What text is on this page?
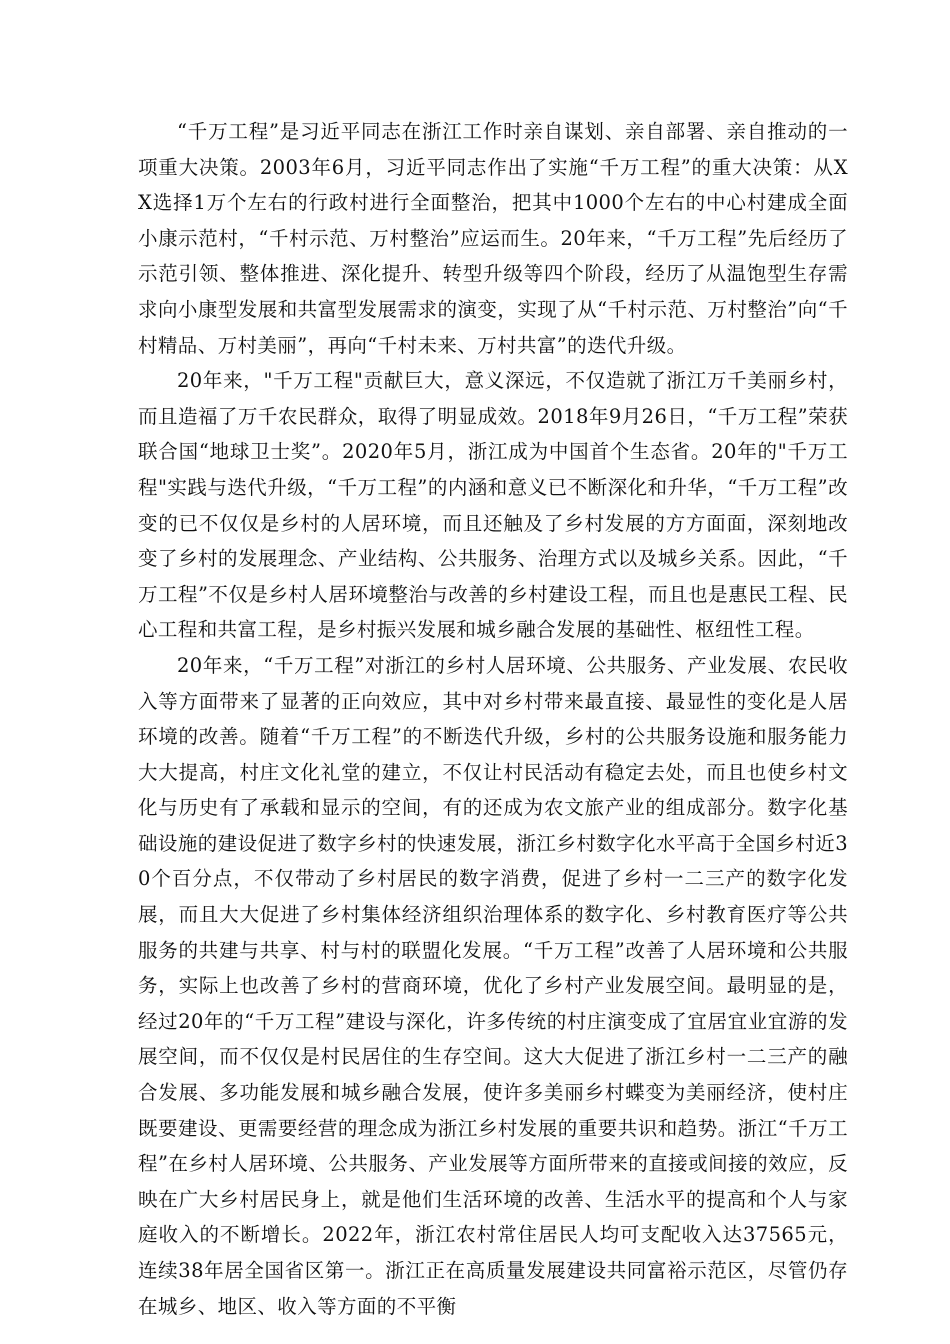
“千万工程”是习近平同志在浙江工作时亲自谋划、亲自部署、亲自推动的一项重大决策。2003年6月，习近平同志作出了实施“千万工程”的重大决策：从XX选择1万个左右的行政村进行全面整治，把其中1000个左右的中心村建成全面小康示范村，“千村示范、万村整治”应运而生。20年来，“千万工程”先后经历了示范引领、整体推进、深化提升、转型升级等四个阶段，经历了从温饱型生存需求向小康型发展和共富型发展需求的演变，实现了从“千村示范、万村整治”向“千村精品、万村美丽”，再向“千村未来、万村共富”的迭代升级。

20年来，"千万工程"贡献巨大，意义深远，不仅造就了浙江万千美丽乡村，而且造福了万千农民群众，取得了明显成效。2018年9月26日，“千万工程”荣获联合国“地球卫士奖”。2020年5月，浙江成为中国首个生态省。20年的"千万工程"实践与迭代升级，“千万工程”的内涵和意义已不断深化和升华，“千万工程”改变的已不仅仅是乡村的人居环境，而且还触及了乡村发展的方方面面，深刻地改变了乡村的发展理念、产业结构、公共服务、治理方式以及城乡关系。因此，“千万工程”不仅是乡村人居环境整治与改善的乡村建设工程，而且也是惠民工程、民心工程和共富工程，是乡村振兴发展和城乡融合发展的基础性、枢纽性工程。

20年来，“千万工程”对浙江的乡村人居环境、公共服务、产业发展、农民收入等方面带来了显著的正向效应，其中对乡村带来最直接、最显性的变化是人居环境的改善。随着“千万工程”的不断迭代升级，乡村的公共服务设施和服务能力大大提高，村庄文化礼堂的建立，不仅让村民活动有稳定去处，而且也使乡村文化与历史有了承载和显示的空间，有的还成为农文旅产业的组成部分。数字化基础设施的建设促进了数字乡村的快速发展，浙江乡村数字化水平高于全国乡村近30个百分点，不仅带动了乡村居民的数字消费，促进了乡村一二三产的数字化发展，而且大大促进了乡村集体经济组织治理体系的数字化、乡村教育医疗等公共服务的共建与共享、村与村的联盟化发展。“千万工程”改善了人居环境和公共服务，实际上也改善了乡村的营商环境，优化了乡村产业发展空间。最明显的是，经过20年的“千万工程”建设与深化，许多传统的村庄演变成了宜居宜业宜游的发展空间，而不仅仅是村民居住的生存空间。这大大促进了浙江乡村一二三产的融合发展、多功能发展和城乡融合发展，使许多美丽乡村蝶变为美丽经济，使村庄既要建设、更需要经营的理念成为浙江乡村发展的重要共识和趋势。浙江“千万工程”在乡村人居环境、公共服务、产业发展等方面所带来的直接或间接的效应，反映在广大乡村居民身上，就是他们生活环境的改善、生活水平的提高和个人与家庭收入的不断增长。2022年，浙江农村常住居民人均可支配收入达37565元，连续38年居全国省区第一。浙江正在高质量发展建设共同富裕示范区，尽管仍存在城乡、地区、收入等方面的不平衡
